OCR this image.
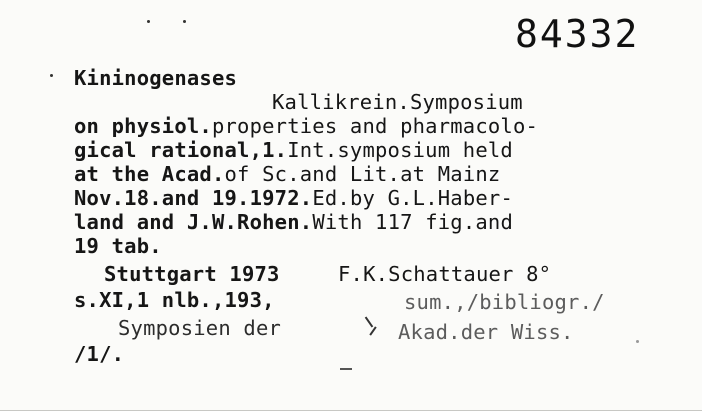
84332
Kininogenases
Kallikrein.Symposium
on physiol.properties and pharmacolo-
gical rational,1.Int.symposium held
at the Acad.of Sc.and Lit.at Mainz
Nov.18.and 19.1972.Ed.by G.L.Haber-
land and J.W.Rohen.With 117 fig.and
19 tab.
Stuttgart 1973	F.K.Schattauer 8°
s.XI,1 nlb.,193,	sum.,/bibliogr./
Symposien der	Akad.der Wiss.
/1/.
